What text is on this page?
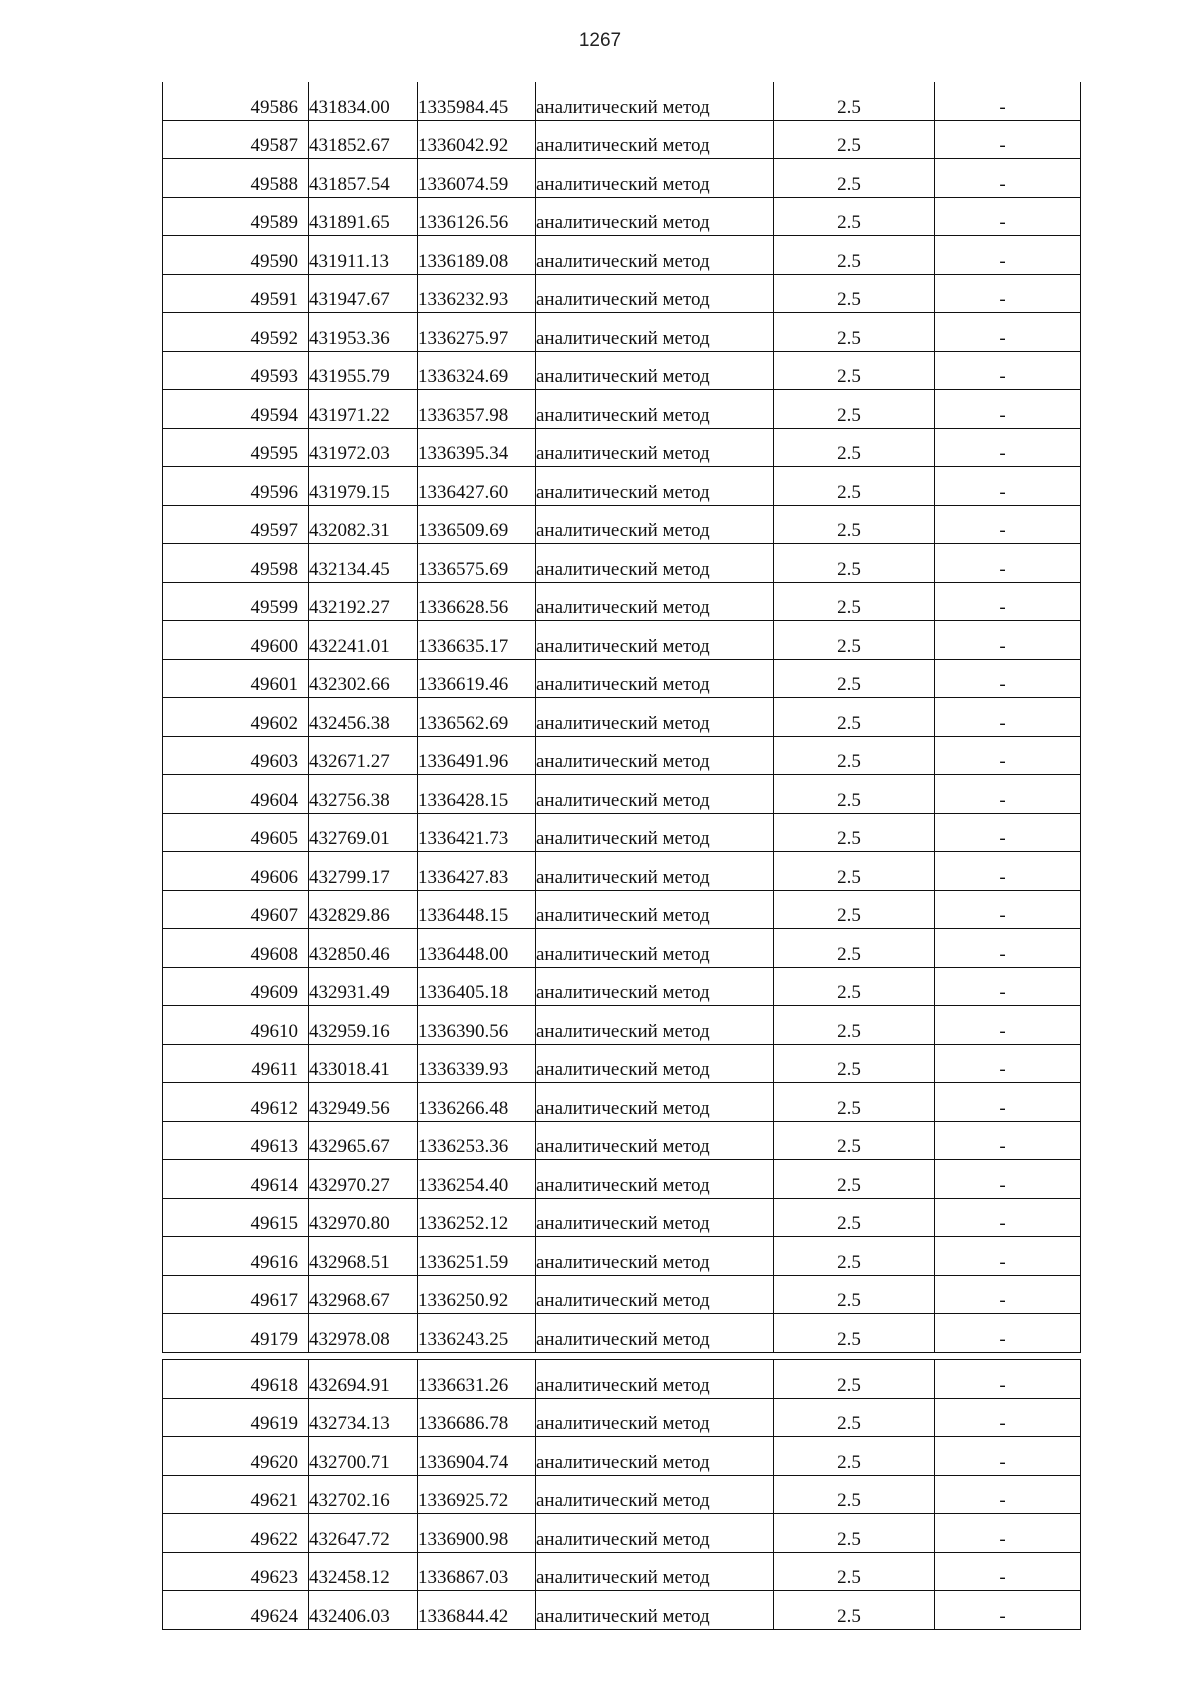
1267
49586	431834.00	1335984.45	аналитический метод	2.5	-
49587	431852.67	1336042.92	аналитический метод	2.5	-
49588	431857.54	1336074.59	аналитический метод	2.5	-
49589	431891.65	1336126.56	аналитический метод	2.5	-
49590	431911.13	1336189.08	аналитический метод	2.5	-
49591	431947.67	1336232.93	аналитический метод	2.5	-
49592	431953.36	1336275.97	аналитический метод	2.5	-
49593	431955.79	1336324.69	аналитический метод	2.5	-
49594	431971.22	1336357.98	аналитический метод	2.5	-
49595	431972.03	1336395.34	аналитический метод	2.5	-
49596	431979.15	1336427.60	аналитический метод	2.5	-
49597	432082.31	1336509.69	аналитический метод	2.5	-
49598	432134.45	1336575.69	аналитический метод	2.5	-
49599	432192.27	1336628.56	аналитический метод	2.5	-
49600	432241.01	1336635.17	аналитический метод	2.5	-
49601	432302.66	1336619.46	аналитический метод	2.5	-
49602	432456.38	1336562.69	аналитический метод	2.5	-
49603	432671.27	1336491.96	аналитический метод	2.5	-
49604	432756.38	1336428.15	аналитический метод	2.5	-
49605	432769.01	1336421.73	аналитический метод	2.5	-
49606	432799.17	1336427.83	аналитический метод	2.5	-
49607	432829.86	1336448.15	аналитический метод	2.5	-
49608	432850.46	1336448.00	аналитический метод	2.5	-
49609	432931.49	1336405.18	аналитический метод	2.5	-
49610	432959.16	1336390.56	аналитический метод	2.5	-
49611	433018.41	1336339.93	аналитический метод	2.5	-
49612	432949.56	1336266.48	аналитический метод	2.5	-
49613	432965.67	1336253.36	аналитический метод	2.5	-
49614	432970.27	1336254.40	аналитический метод	2.5	-
49615	432970.80	1336252.12	аналитический метод	2.5	-
49616	432968.51	1336251.59	аналитический метод	2.5	-
49617	432968.67	1336250.92	аналитический метод	2.5	-
49179	432978.08	1336243.25	аналитический метод	2.5	-
49618	432694.91	1336631.26	аналитический метод	2.5	-
49619	432734.13	1336686.78	аналитический метод	2.5	-
49620	432700.71	1336904.74	аналитический метод	2.5	-
49621	432702.16	1336925.72	аналитический метод	2.5	-
49622	432647.72	1336900.98	аналитический метод	2.5	-
49623	432458.12	1336867.03	аналитический метод	2.5	-
49624	432406.03	1336844.42	аналитический метод	2.5	-
